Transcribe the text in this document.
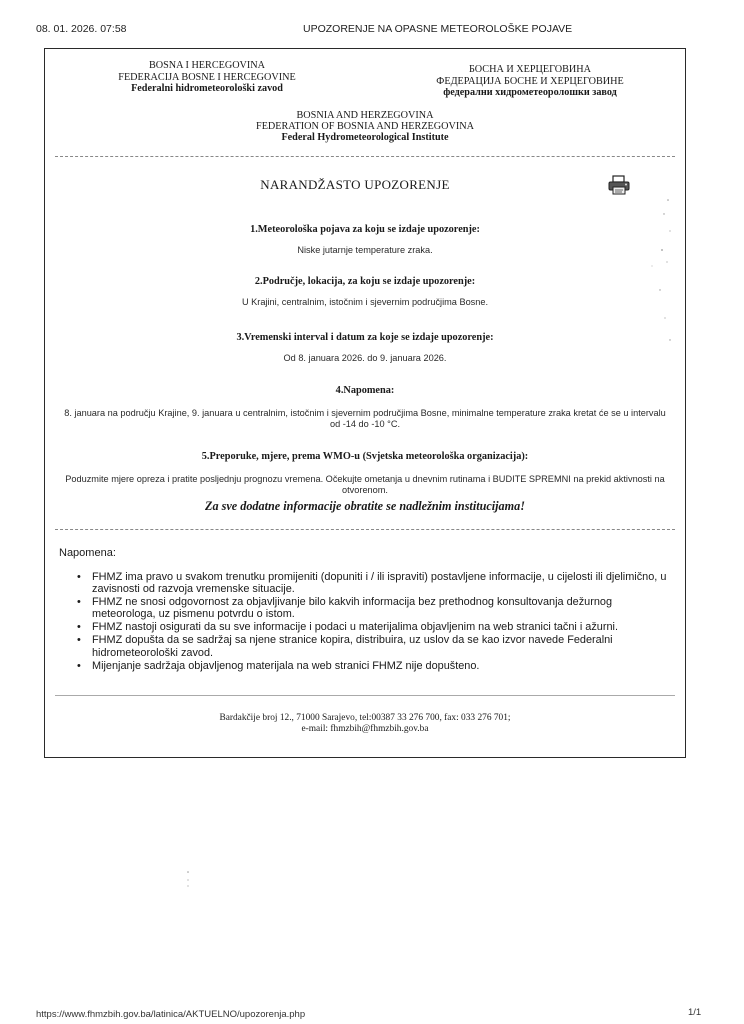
08. 01. 2026. 07:58	UPOZORENJE NA OPASNE METEOROLOŠKE POJAVE
BOSNA I HERCEGOVINA
FEDERACIJA BOSNE I HERCEGOVINE
Federalni hidrometeorološki zavod
БОСНА И ХЕРЦЕГОВИНА
ФЕДЕРАЦИЈА БОСНЕ И ХЕРЦЕГОВИНЕ
федерални хидрометеоролошки завод
BOSNIA AND HERZEGOVINA
FEDERATION OF BOSNIA AND HERZEGOVINA
Federal Hydrometeorological Institute
NARANDŽASTO UPOZORENJE
1.Meteorološka pojava za koju se izdaje upozorenje:
Niske jutarnje temperature zraka.
2.Područje, lokacija, za koju se izdaje upozorenje:
U Krajini, centralnim, istočnim i sjevernim područjima Bosne.
3.Vremenski interval i datum za koje se izdaje upozorenje:
Od 8. januara 2026. do 9. januara 2026.
4.Napomena:
8. januara na području Krajine, 9. januara u centralnim, istočnim i sjevernim područjima Bosne, minimalne temperature zraka kretat će se u intervalu od -14 do -10 °C.
5.Preporuke, mjere, prema WMO-u (Svjetska meteorološka organizacija):
Poduzmite mjere opreza i pratite posljednju prognozu vremena. Očekujte ometanja u dnevnim rutinama i BUDITE SPREMNI na prekid aktivnosti na otvorenom.
Za sve dodatne informacije obratite se nadležnim institucijama!
Napomena:
• FHMZ ima pravo u svakom trenutku promijeniti (dopuniti i / ili ispraviti) postavljene informacije, u cijelosti ili djelimično, u zavisnosti od razvoja vremenske situacije.
• FHMZ ne snosi odgovornost za objavljivanje bilo kakvih informacija bez prethodnog konsultovanja dežurnog meteorologa, uz pismenu potvrdu o istom.
• FHMZ nastoji osigurati da su sve informacije i podaci u materijalima objavljenim na web stranici tačni i ažurni.
• FHMZ dopušta da se sadržaj sa njene stranice kopira, distribuira, uz uslov da se kao izvor navede Federalni hidrometeorološki zavod.
• Mijenjanje sadržaja objavljenog materijala na web stranici FHMZ nije dopušteno.
Bardakčije broj 12., 71000 Sarajevo, tel:00387 33 276 700, fax: 033 276 701;
e-mail: fhmzbih@fhmzbih.gov.ba
https://www.fhmzbih.gov.ba/latinica/AKTUELNO/upozorenja.php	1/1
